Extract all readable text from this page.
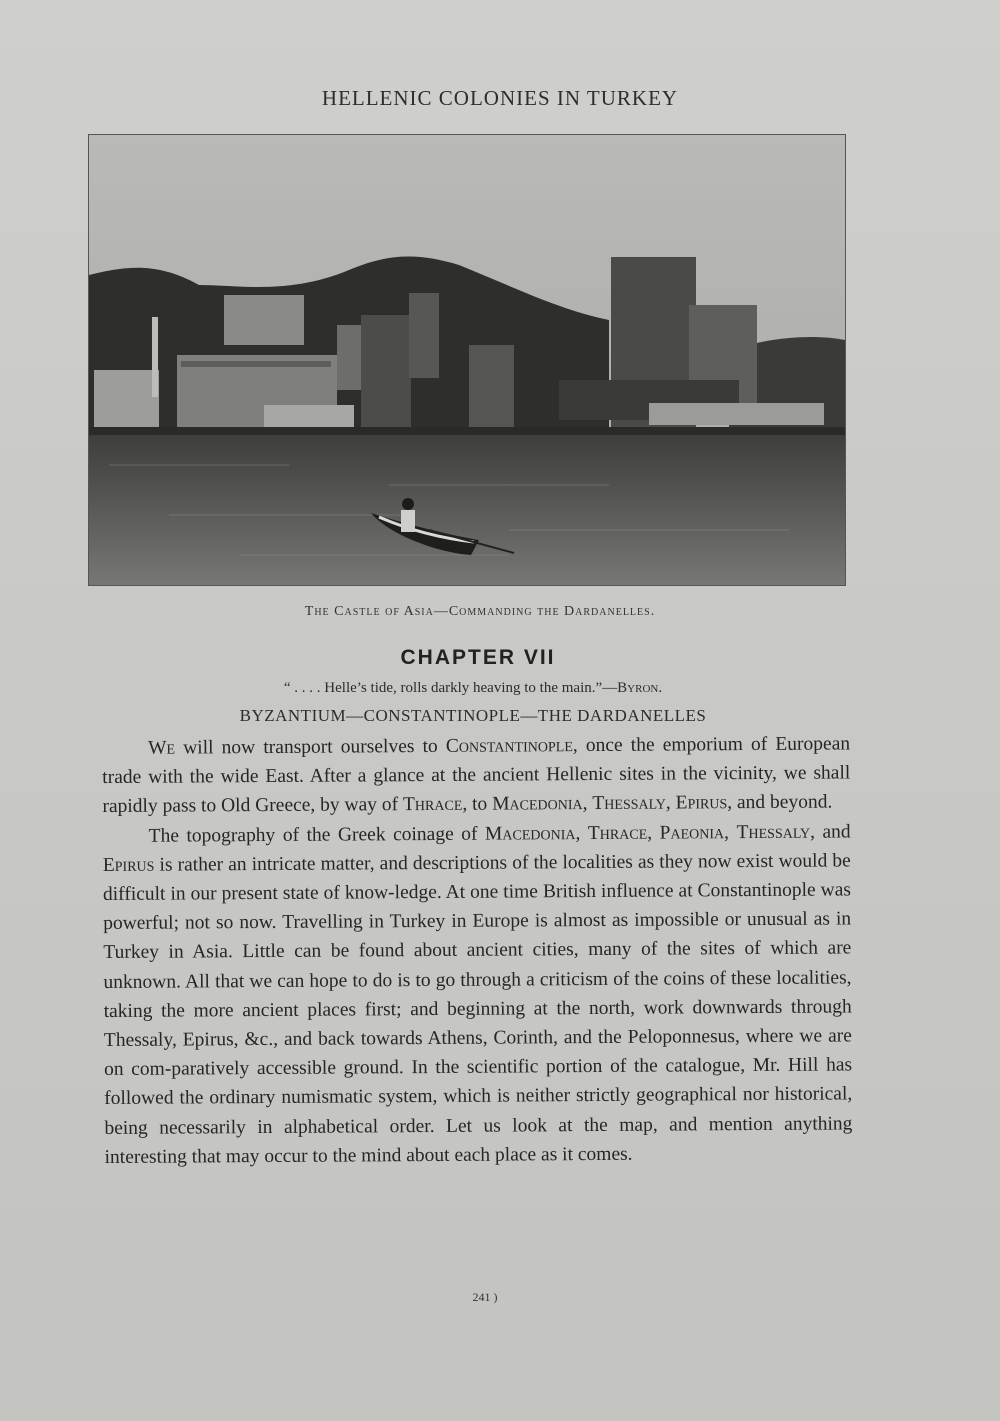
HELLENIC COLONIES IN TURKEY
The Castle of Asia—Commanding the Dardanelles.
CHAPTER VII
“ . . . . Helle’s tide, rolls darkly heaving to the main.”—Byron.
BYZANTIUM—CONSTANTINOPLE—THE DARDANELLES

We will now transport ourselves to Constantinople, once the emporium of European trade with the wide East. After a glance at the ancient Hellenic sites in the vicinity, we shall rapidly pass to Old Greece, by way of Thrace, to Macedonia, Thessaly, Epirus, and beyond.

The topography of the Greek coinage of Macedonia, Thrace, Paeonia, Thessaly, and Epirus is rather an intricate matter, and descriptions of the localities as they now exist would be difficult in our present state of know-ledge. At one time British influence at Constantinople was powerful; not so now. Travelling in Turkey in Europe is almost as impossible or unusual as in Turkey in Asia. Little can be found about ancient cities, many of the sites of which are unknown. All that we can hope to do is to go through a criticism of the coins of these localities, taking the more ancient places first; and beginning at the north, work downwards through Thessaly, Epirus, &c., and back towards Athens, Corinth, and the Peloponnesus, where we are on com-paratively accessible ground. In the scientific portion of the catalogue, Mr. Hill has followed the ordinary numismatic system, which is neither strictly geographical nor historical, being necessarily in alphabetical order. Let us look at the map, and mention anything interesting that may occur to the mind about each place as it comes.

241 )
